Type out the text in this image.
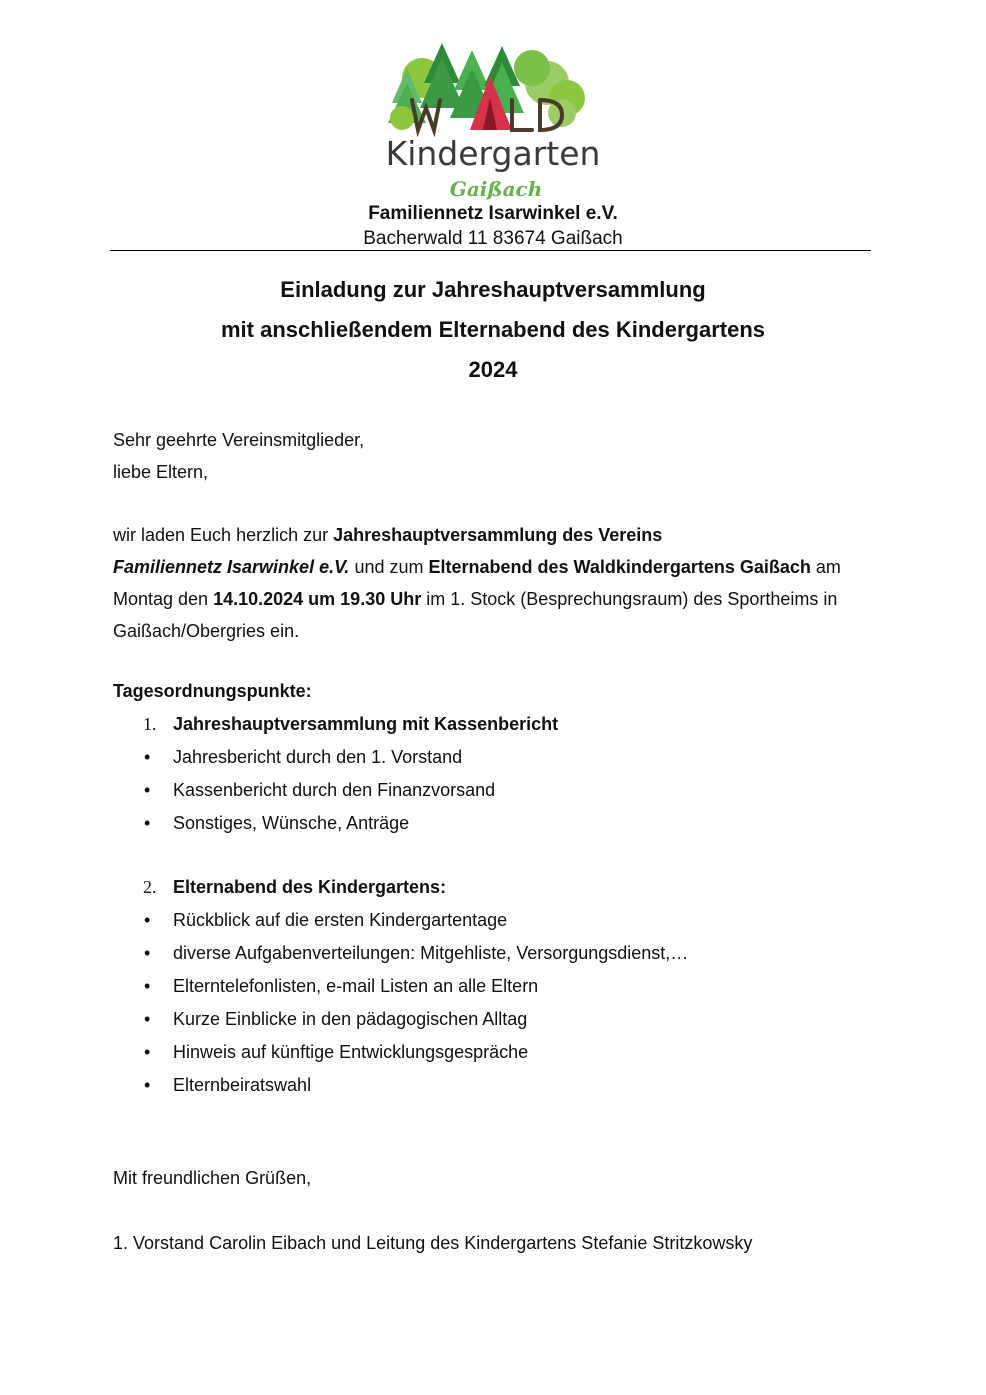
Kindergarten
Gaißach
Familiennetz Isarwinkel e.V.
Bacherwald 11 83674 Gaißach
Einladung zur Jahreshauptversammlung
mit anschließendem Elternabend des Kindergartens
2024
Sehr geehrte Vereinsmitglieder,
liebe Eltern,
wir laden Euch herzlich zur Jahreshauptversammlung des Vereins
Familiennetz Isarwinkel e.V. und zum Elternabend des Waldkindergartens Gaißach am Montag den 14.10.2024 um 19.30 Uhr im 1. Stock (Besprechungsraum) des Sportheims in Gaißach/Obergries ein.
Tagesordnungspunkte:
1. Jahreshauptversammlung mit Kassenbericht
• Jahresbericht durch den 1. Vorstand
• Kassenbericht durch den Finanzvorsand
• Sonstiges, Wünsche, Anträge
2. Elternabend des Kindergartens:
• Rückblick auf die ersten Kindergartentage
• diverse Aufgabenverteilungen: Mitgehliste, Versorgungsdienst,…
• Elterntelefonlisten, e-mail Listen an alle Eltern
• Kurze Einblicke in den pädagogischen Alltag
• Hinweis auf künftige Entwicklungsgespräche
• Elternbeiratswahl
Mit freundlichen Grüßen,
1. Vorstand Carolin Eibach und Leitung des Kindergartens Stefanie Stritzkowsky
